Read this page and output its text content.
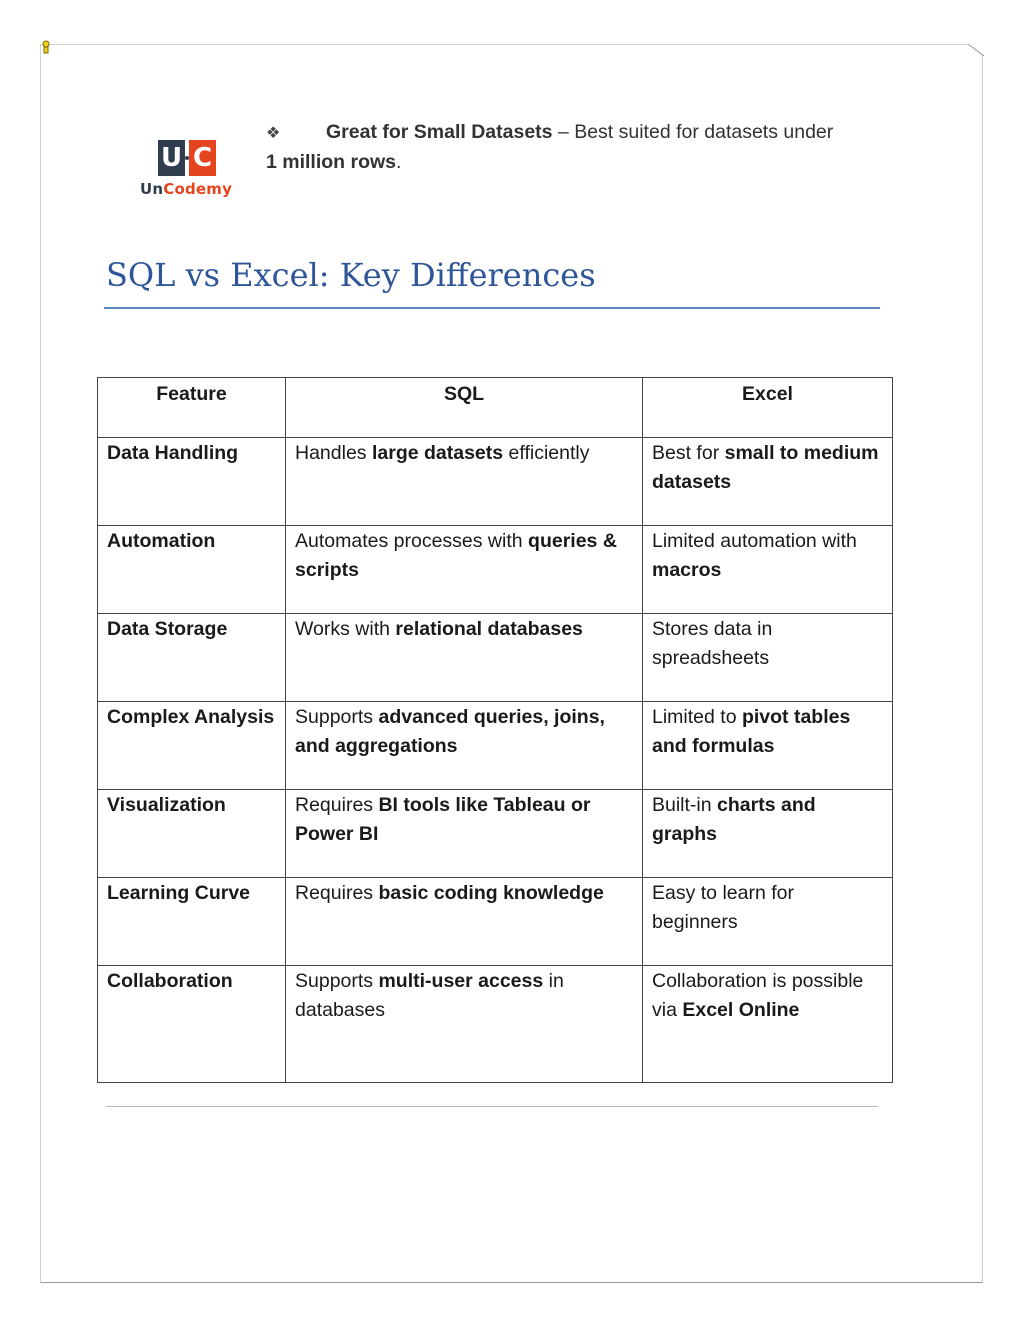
U C
UnCodemy
❖ Great for Small Datasets – Best suited for datasets under 1 million rows.
SQL vs Excel: Key Differences
Feature	SQL	Excel
Data Handling	Handles large datasets efficiently	Best for small to medium datasets
Automation	Automates processes with queries & scripts	Limited automation with macros
Data Storage	Works with relational databases	Stores data in spreadsheets
Complex Analysis	Supports advanced queries, joins, and aggregations	Limited to pivot tables and formulas
Visualization	Requires BI tools like Tableau or Power BI	Built-in charts and graphs
Learning Curve	Requires basic coding knowledge	Easy to learn for beginners
Collaboration	Supports multi-user access in databases	Collaboration is possible via Excel Online
